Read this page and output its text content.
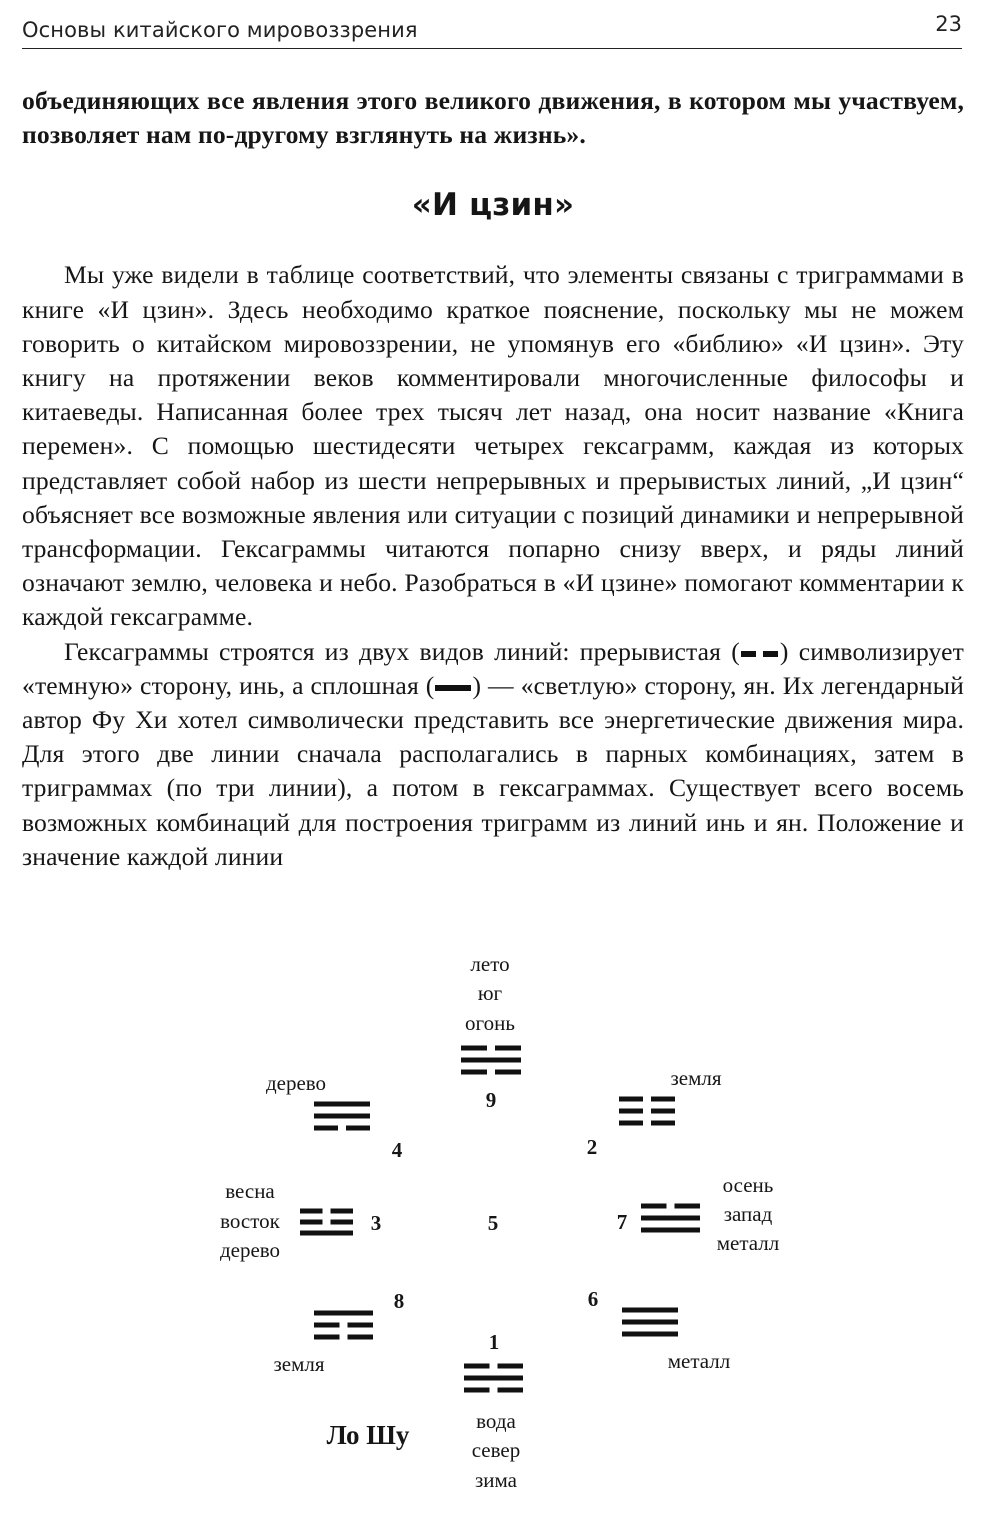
Основы китайского мировоззрения	23

объединяющих все явления этого великого движения, в котором мы участвуем, позволяет нам по-другому взглянуть на жизнь».

«И цзин»

Мы уже видели в таблице соответствий, что элементы связаны с триграммами в книге «И цзин». Здесь необходимо краткое пояснение, поскольку мы не можем говорить о китайском мировоззрении, не упомянув его «библию» «И цзин». Эту книгу на протяжении веков комментировали многочисленные философы и китаеведы. Написанная более трех тысяч лет назад, она носит название «Книга перемен». С помощью шестидесяти четырех гексаграмм, каждая из которых представляет собой набор из шести непрерывных и прерывистых линий, „И цзин“ объясняет все возможные явления или ситуации с позиций динамики и непрерывной трансформации. Гексаграммы читаются попарно снизу вверх, и ряды линий означают землю, человека и небо. Разобраться в «И цзине» помогают комментарии к каждой гексаграмме.

Гексаграммы строятся из двух видов линий: прерывистая ( ) символизирует «темную» сторону, инь, а сплошная ( ) — «светлую» сторону, ян. Их легендарный автор Фу Хи хотел символически представить все энергетические движения мира. Для этого две линии сначала располагались в парных комбинациях, затем в триграммах (по три линии), а потом в гексаграммах. Существует всего восемь возможных комбинаций для построения триграмм из линий инь и ян. Положение и значение каждой линии

лето
юг
огонь
9
дерево
4
земля
2
весна
восток
дерево
3	5	7
осень
запад
металл
8
земля
6
металл
1
вода
север
зима
Ло Шу
